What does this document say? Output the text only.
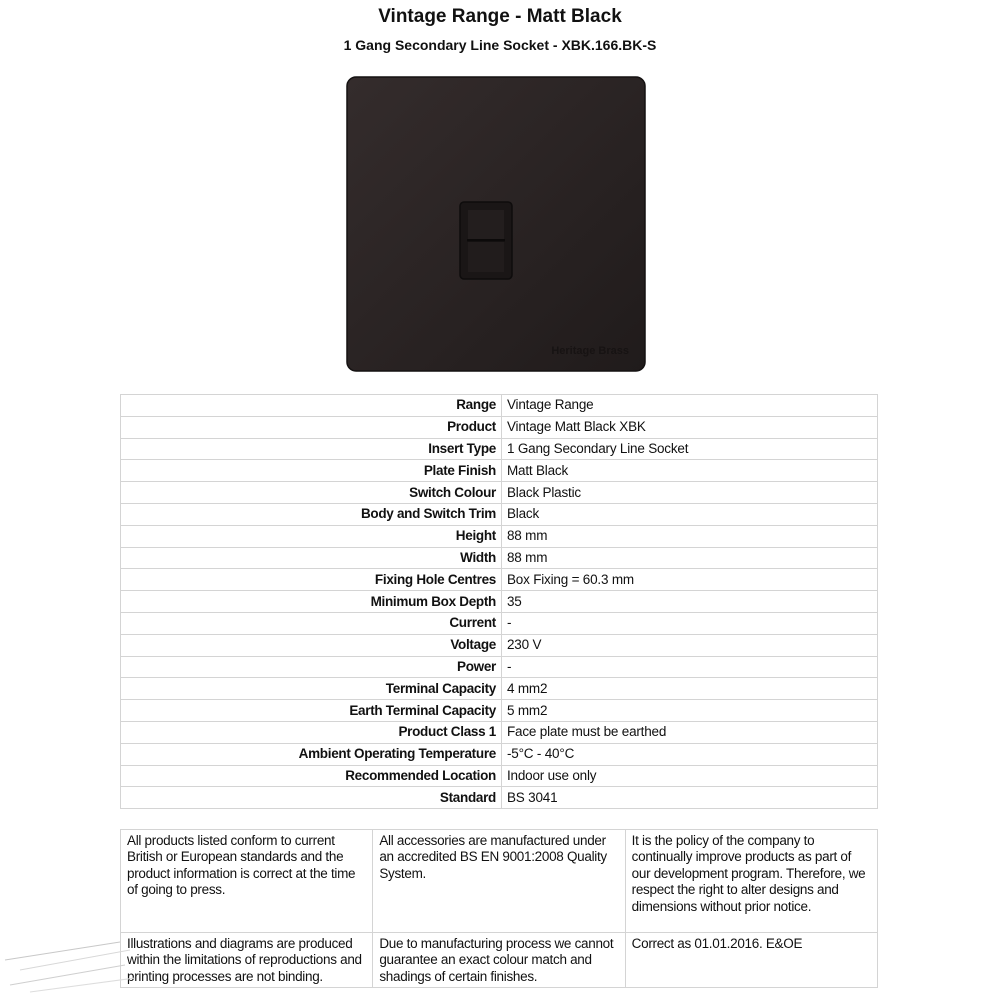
Vintage Range - Matt Black
1 Gang Secondary Line Socket - XBK.166.BK-S
Heritage Brass
Range	Vintage Range
Product	Vintage Matt Black XBK
Insert Type	1 Gang Secondary Line Socket
Plate Finish	Matt Black
Switch Colour	Black Plastic
Body and Switch Trim	Black
Height	88 mm
Width	88 mm
Fixing Hole Centres	Box Fixing = 60.3 mm
Minimum Box Depth	35
Current	-
Voltage	230 V
Power	-
Terminal Capacity	4 mm2
Earth Terminal Capacity	5 mm2
Product Class 1	Face plate must be earthed
Ambient Operating Temperature	-5°C - 40°C
Recommended Location	Indoor use only
Standard	BS 3041
All products listed conform to current British or European standards and the product information is correct at the time of going to press.	All accessories are manufactured under an accredited BS EN 9001:2008 Quality System.	It is the policy of the company to continually improve products as part of our development program. Therefore, we respect the right to alter designs and dimensions without prior notice.
Illustrations and diagrams are produced within the limitations of reproductions and printing processes are not binding.	Due to manufacturing process we cannot guarantee an exact colour match and shadings of certain finishes.	Correct as 01.01.2016. E&OE
